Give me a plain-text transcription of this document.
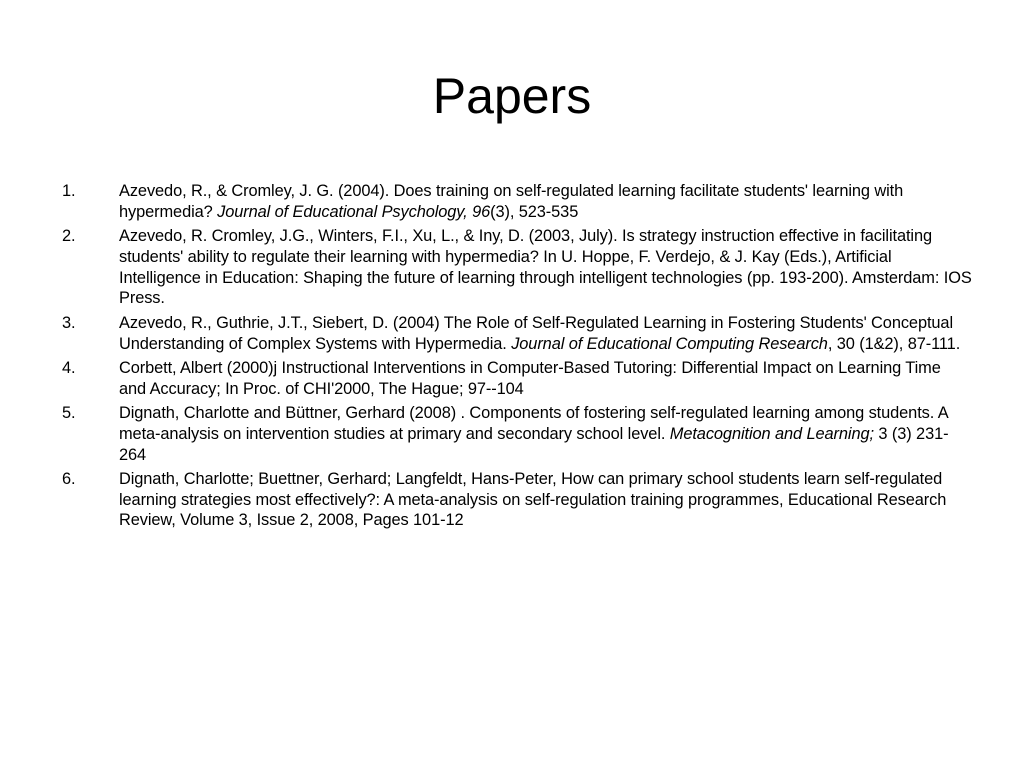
Papers
1.	Azevedo, R., & Cromley, J. G. (2004). Does training on self-regulated learning facilitate students' learning with hypermedia? Journal of Educational Psychology, 96(3), 523-535
2.	Azevedo, R. Cromley, J.G., Winters, F.I., Xu, L., & Iny, D. (2003, July). Is strategy instruction effective in facilitating students' ability to regulate their learning with hypermedia? In U. Hoppe, F. Verdejo, & J. Kay (Eds.), Artificial Intelligence in Education: Shaping the future of learning through intelligent technologies (pp. 193-200). Amsterdam: IOS Press.
3.	Azevedo, R., Guthrie, J.T., Siebert, D. (2004) The Role of Self-Regulated Learning in Fostering Students' Conceptual Understanding of Complex Systems with Hypermedia. Journal of Educational Computing Research, 30 (1&2), 87-111.
4.	Corbett, Albert (2000)j Instructional Interventions in Computer-Based Tutoring: Differential Impact on Learning Time and Accuracy; In Proc. of CHI'2000, The Hague; 97--104
5.	Dignath, Charlotte and Büttner, Gerhard (2008) . Components of fostering self-regulated learning among students. A meta-analysis on intervention studies at primary and secondary school level. Metacognition and Learning; 3 (3) 231-264
6.	Dignath, Charlotte; Buettner, Gerhard; Langfeldt, Hans-Peter, How can primary school students learn self-regulated learning strategies most effectively?: A meta-analysis on self-regulation training programmes, Educational Research Review, Volume 3, Issue 2, 2008, Pages 101-12
